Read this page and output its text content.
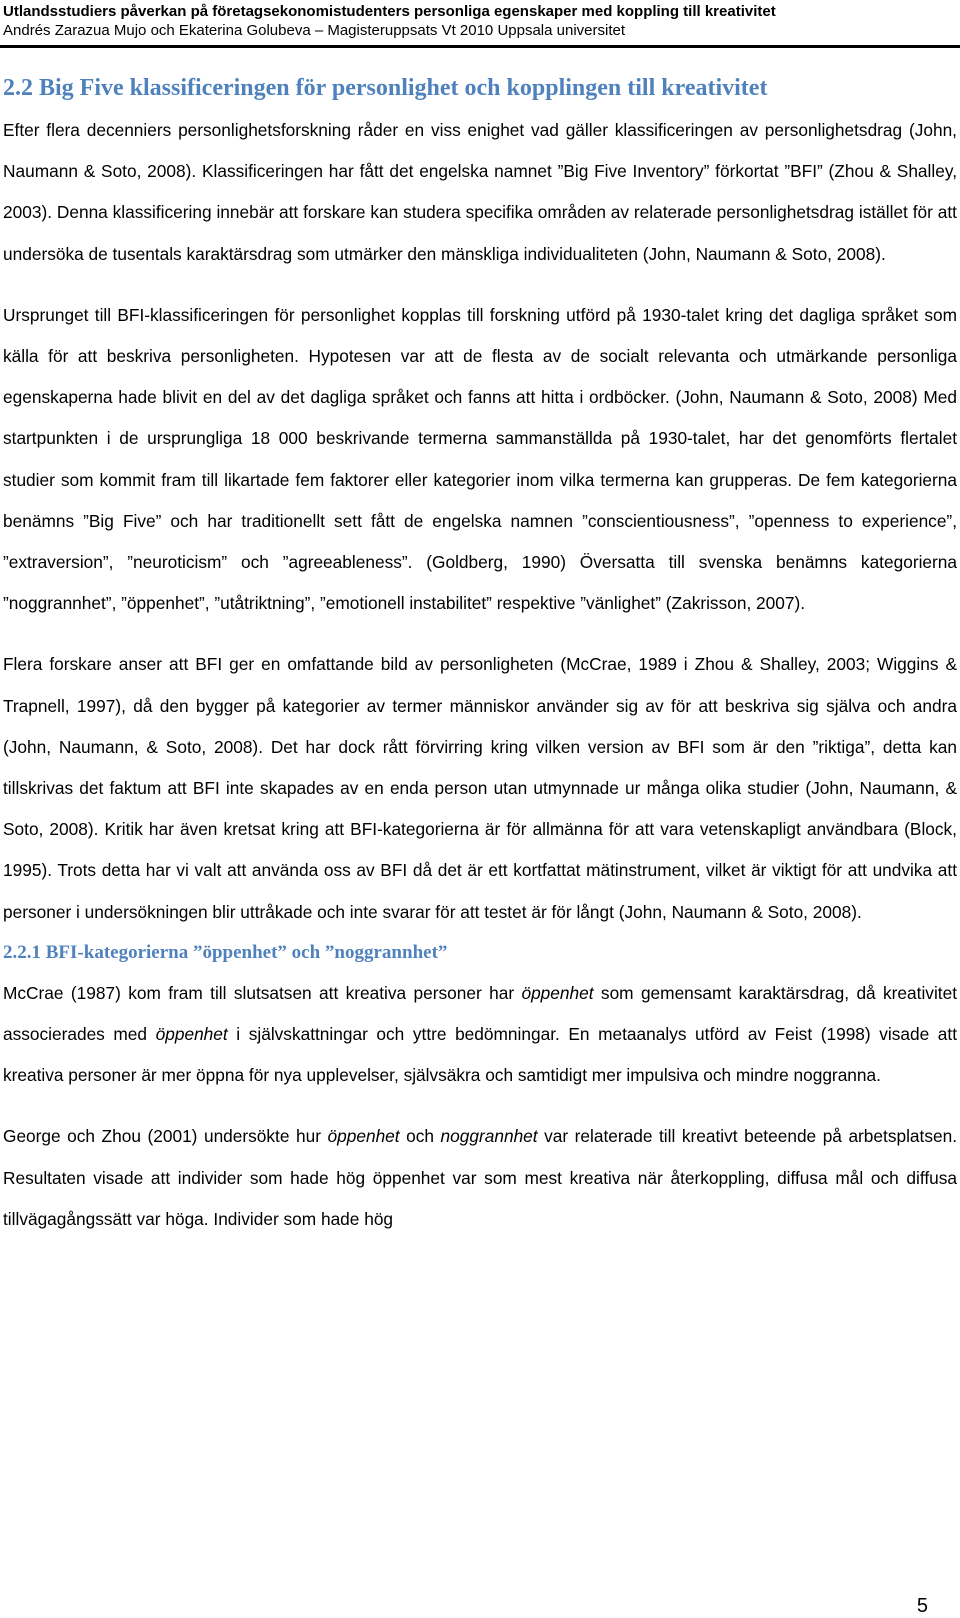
Utlandsstudiers påverkan på företagsekonomistudenters personliga egenskaper med koppling till kreativitet
Andrés Zarazua Mujo och Ekaterina Golubeva – Magisteruppsats Vt 2010 Uppsala universitet
2.2 Big Five klassificeringen för personlighet och kopplingen till kreativitet

Efter flera decenniers personlighetsforskning råder en viss enighet vad gäller klassificeringen av personlighetsdrag (John, Naumann & Soto, 2008). Klassificeringen har fått det engelska namnet ”Big Five Inventory” förkortat ”BFI” (Zhou & Shalley, 2003). Denna klassificering innebär att forskare kan studera specifika områden av relaterade personlighetsdrag istället för att undersöka de tusentals karaktärsdrag som utmärker den mänskliga individualiteten (John, Naumann & Soto, 2008).

Ursprunget till BFI-klassificeringen för personlighet kopplas till forskning utförd på 1930-talet kring det dagliga språket som källa för att beskriva personligheten. Hypotesen var att de flesta av de socialt relevanta och utmärkande personliga egenskaperna hade blivit en del av det dagliga språket och fanns att hitta i ordböcker. (John, Naumann & Soto, 2008) Med startpunkten i de ursprungliga 18 000 beskrivande termerna sammanställda på 1930-talet, har det genomförts flertalet studier som kommit fram till likartade fem faktorer eller kategorier inom vilka termerna kan grupperas. De fem kategorierna benämns ”Big Five” och har traditionellt sett fått de engelska namnen ”conscientiousness”, ”openness to experience”, ”extraversion”, ”neuroticism” och ”agreeableness”. (Goldberg, 1990) Översatta till svenska benämns kategorierna ”noggrannhet”, ”öppenhet”, ”utåtriktning”, ”emotionell instabilitet” respektive ”vänlighet” (Zakrisson, 2007).

Flera forskare anser att BFI ger en omfattande bild av personligheten (McCrae, 1989 i Zhou & Shalley, 2003; Wiggins & Trapnell, 1997), då den bygger på kategorier av termer människor använder sig av för att beskriva sig själva och andra (John, Naumann, & Soto, 2008). Det har dock rått förvirring kring vilken version av BFI som är den ”riktiga”, detta kan tillskrivas det faktum att BFI inte skapades av en enda person utan utmynnade ur många olika studier (John, Naumann, & Soto, 2008). Kritik har även kretsat kring att BFI-kategorierna är för allmänna för att vara vetenskapligt användbara (Block, 1995). Trots detta har vi valt att använda oss av BFI då det är ett kortfattat mätinstrument, vilket är viktigt för att undvika att personer i undersökningen blir uttråkade och inte svarar för att testet är för långt (John, Naumann & Soto, 2008).

2.2.1 BFI-kategorierna ”öppenhet” och ”noggrannhet”

McCrae (1987) kom fram till slutsatsen att kreativa personer har öppenhet som gemensamt karaktärsdrag, då kreativitet associerades med öppenhet i självskattningar och yttre bedömningar. En metaanalys utförd av Feist (1998) visade att kreativa personer är mer öppna för nya upplevelser, självsäkra och samtidigt mer impulsiva och mindre noggranna.

George och Zhou (2001) undersökte hur öppenhet och noggrannhet var relaterade till kreativt beteende på arbetsplatsen. Resultaten visade att individer som hade hög öppenhet var som mest kreativa när återkoppling, diffusa mål och diffusa tillvägagångssätt var höga. Individer som hade hög

5
